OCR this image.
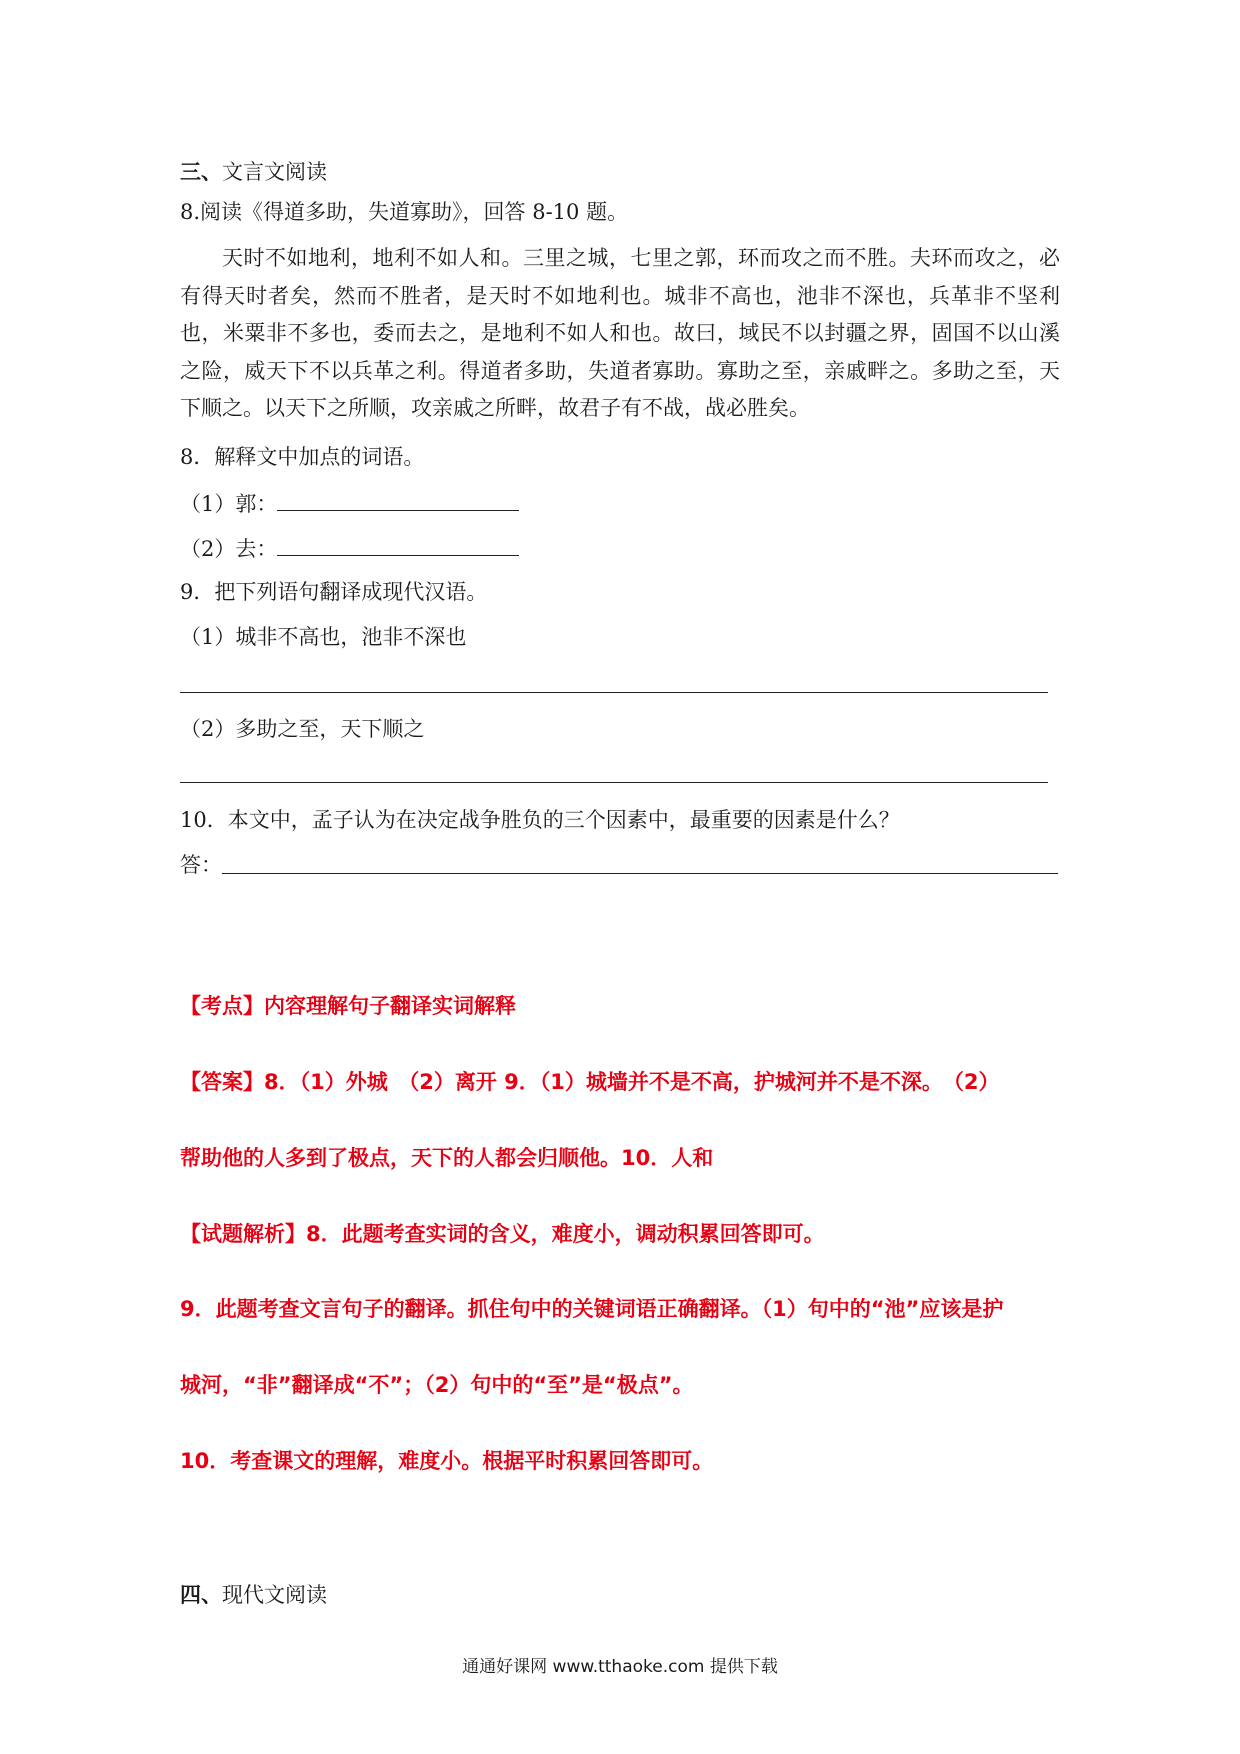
三、文言文阅读
8.阅读《得道多助，失道寡助》，回答 8-10 题。
天时不如地利，地利不如人和。三里之城，七里之郭，环而攻之而不胜。夫环而攻之，必有得天时者矣，然而不胜者，是天时不如地利也。城非不高也，池非不深也，兵革非不坚利也，米粟非不多也，委而去之，是地利不如人和也。故曰，域民不以封疆之界，固国不以山溪之险，威天下不以兵革之利。得道者多助，失道者寡助。寡助之至，亲戚畔之。多助之至，天下顺之。以天下之所顺，攻亲戚之所畔，故君子有不战，战必胜矣。
8．解释文中加点的词语。
（1）郭：
（2）去：
9．把下列语句翻译成现代汉语。
（1）城非不高也，池非不深也
（2）多助之至，天下顺之
10．本文中，孟子认为在决定战争胜负的三个因素中，最重要的因素是什么？
答：
【考点】内容理解句子翻译实词解释
【答案】8．（1）外城　（2）离开 9．（1）城墙并不是不高，护城河并不是不深。　（2）
帮助他的人多到了极点，天下的人都会归顺他。10．人和
【试题解析】8．此题考查实词的含义，难度小，调动积累回答即可。
9．此题考查文言句子的翻译。抓住句中的关键词语正确翻译。（1）句中的“池”应该是护
城河，“非”翻译成“不”；（2）句中的“至”是“极点”。
10．考查课文的理解，难度小。根据平时积累回答即可。
四、现代文阅读
通通好课网 www.tthaoke.com 提供下载
